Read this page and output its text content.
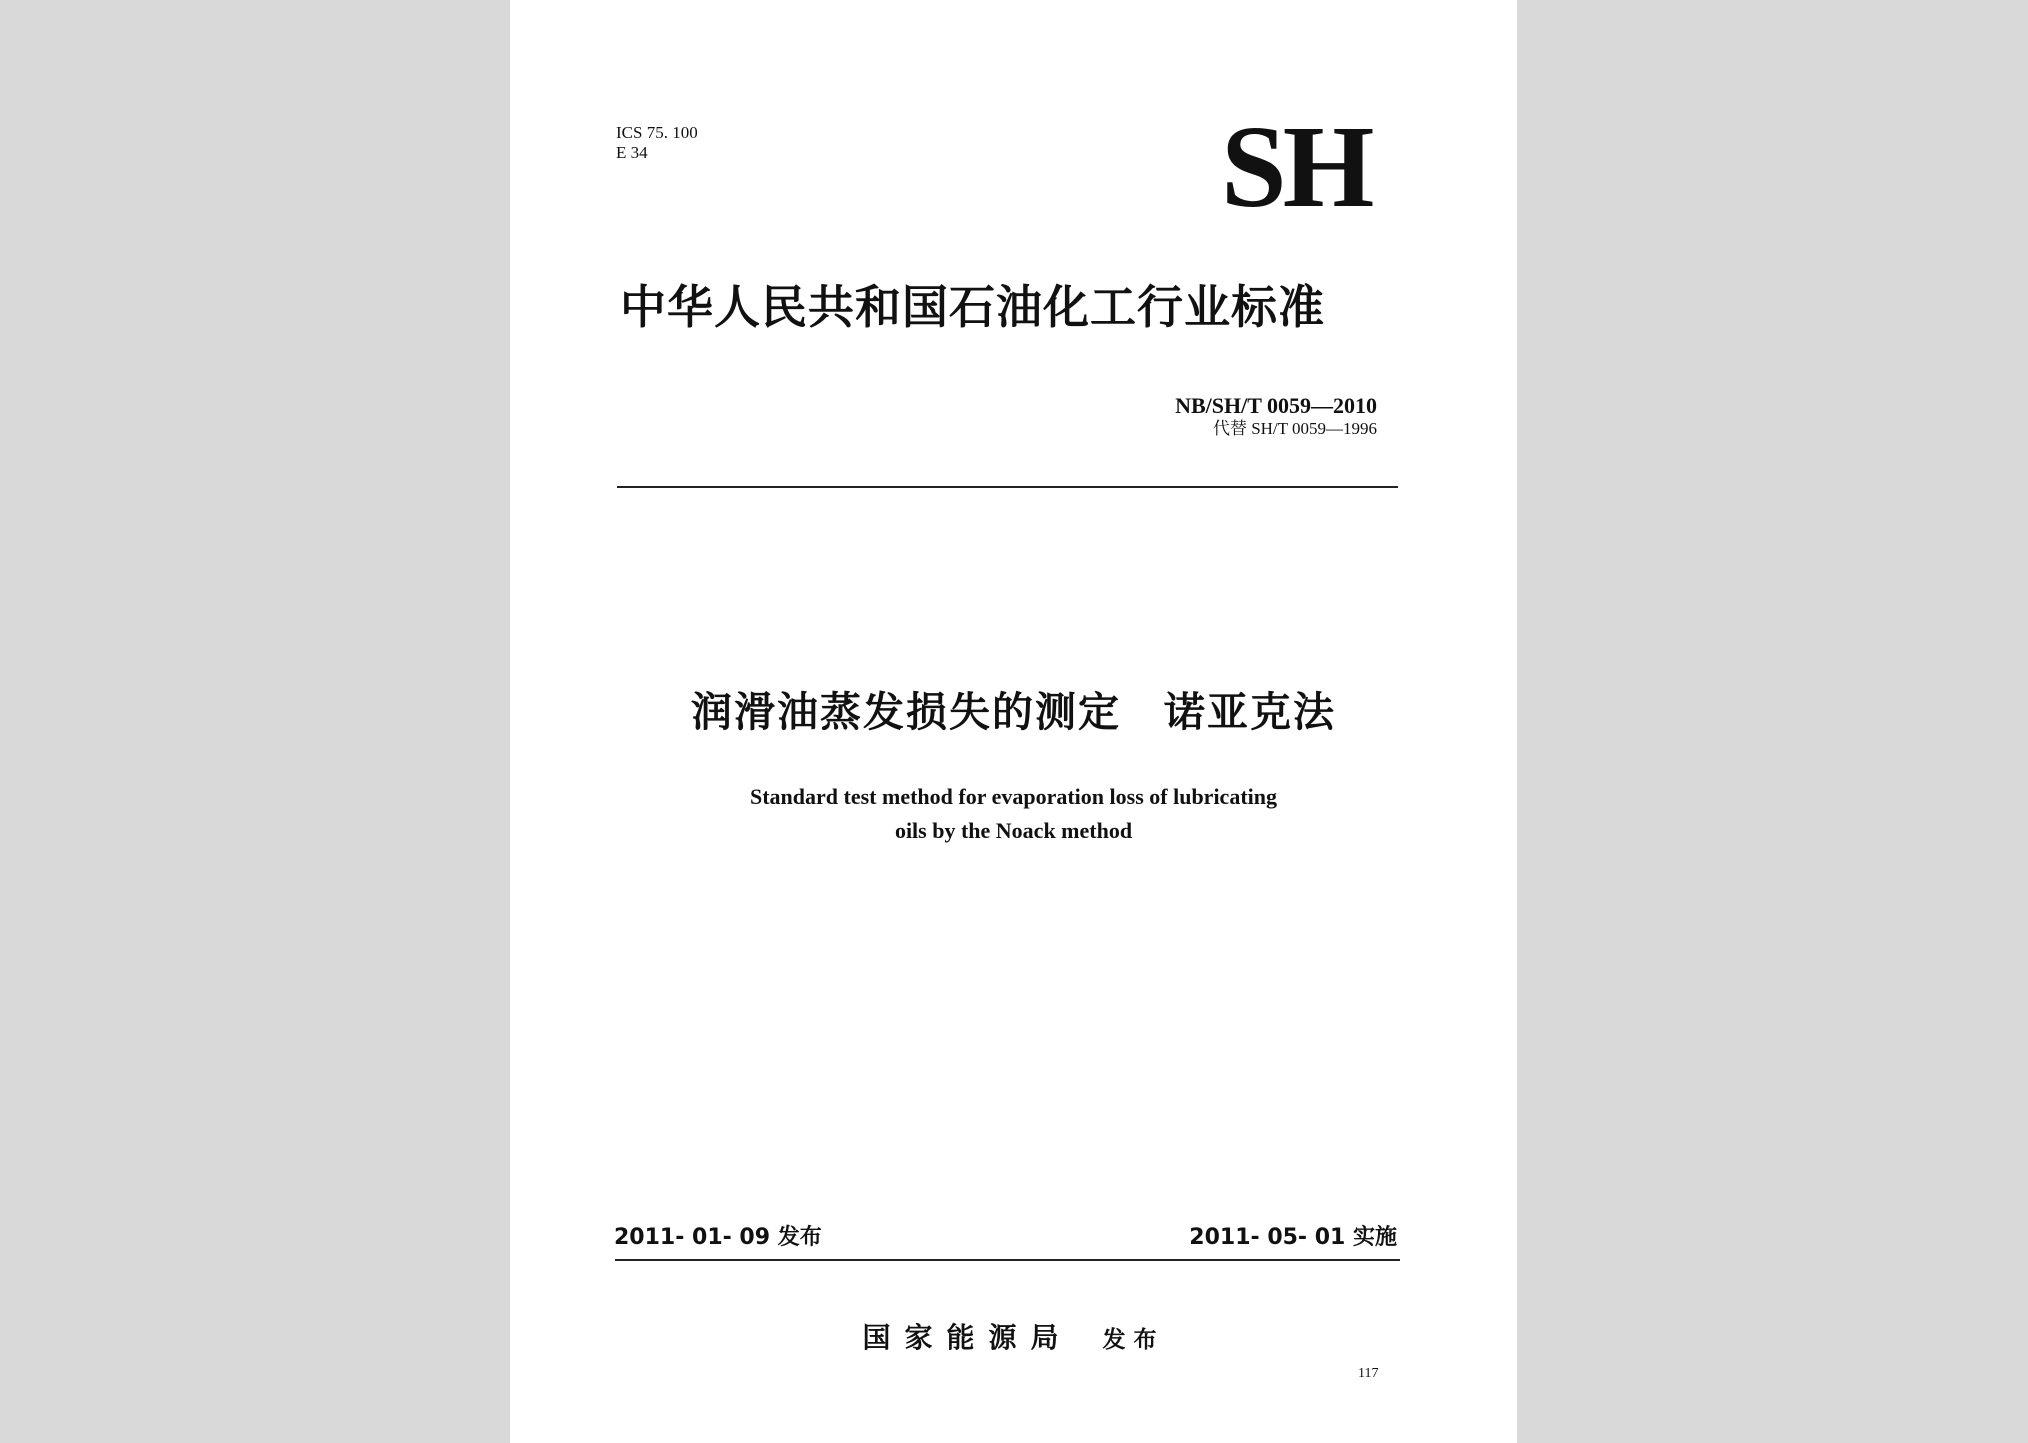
ICS 75. 100
E 34	SH
中华人民共和国石油化工行业标准
NB/SH/T 0059—2010
代替 SH/T 0059—1996
润滑油蒸发损失的测定　诺亚克法
Standard test method for evaporation loss of lubricating
oils by the Noack method
2011- 01- 09 发布	2011- 05- 01 实施
国家能源局 发布
117
